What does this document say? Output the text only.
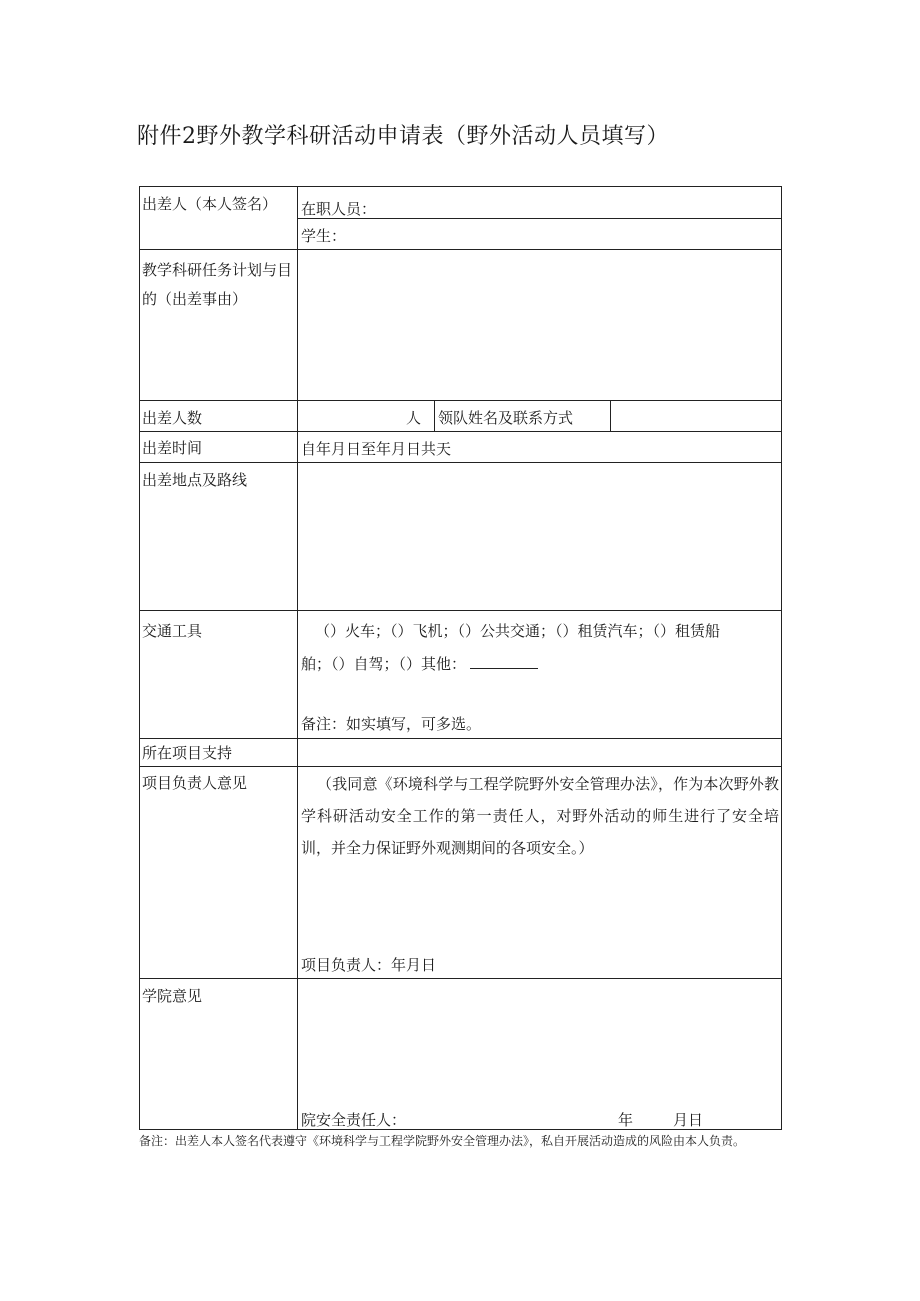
附件2野外教学科研活动申请表（野外活动人员填写）
出差人（本人签名） 在职人员：
学生：
教学科研任务计划与目
的（出差事由）
出差人数	人 领队姓名及联系方式
出差时间	自年月日至年月日共天
出差地点及路线
交通工具	（）火车；（）飞机；（）公共交通；（）租赁汽车；（）租赁船
舶；（）自驾；（）其他：
备注：如实填写，可多选。
所在项目支持
项目负责人意见	（我同意《环境科学与工程学院野外安全管理办法》，作为本次野外教学科研活动安全工作的第一责任人，对野外活动的师生进行了安全培训，并全力保证野外观测期间的各项安全。）
项目负责人：年月日
学院意见
院安全责任人：	年	月日
备注：出差人本人签名代表遵守《环境科学与工程学院野外安全管理办法》，私自开展活动造成的风险由本人负责。
